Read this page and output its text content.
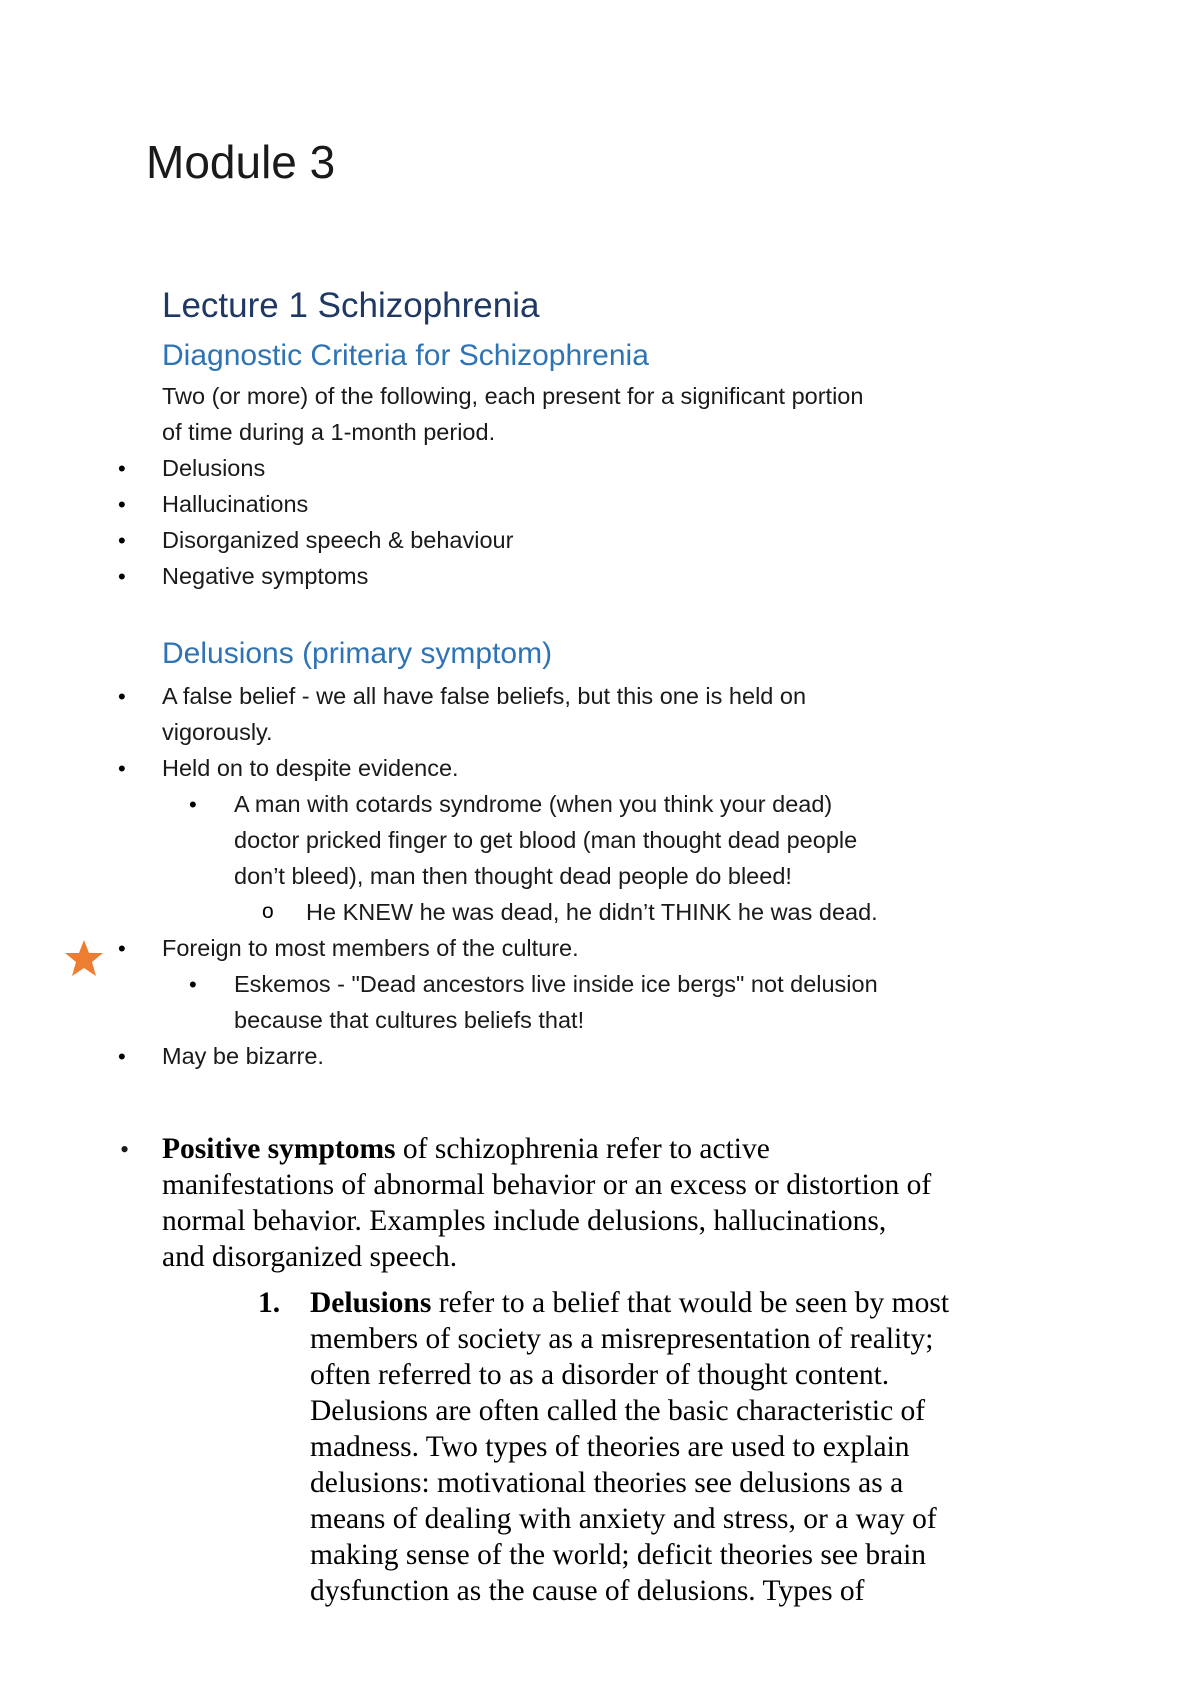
Module 3
Lecture 1 Schizophrenia
Diagnostic Criteria for Schizophrenia
Two (or more) of the following, each present for a significant portion
of time during a 1-month period.
• Delusions
• Hallucinations
• Disorganized speech & behaviour
• Negative symptoms
Delusions (primary symptom)
• A false belief - we all have false beliefs, but this one is held on
vigorously.
• Held on to despite evidence.
• A man with cotards syndrome (when you think your dead)
doctor pricked finger to get blood (man thought dead people
don’t bleed), man then thought dead people do bleed!
o He KNEW he was dead, he didn’t THINK he was dead.
• Foreign to most members of the culture.
• Eskemos - "Dead ancestors live inside ice bergs" not delusion
because that cultures beliefs that!
• May be bizarre.
• Positive symptoms of schizophrenia refer to active
manifestations of abnormal behavior or an excess or distortion of
normal behavior. Examples include delusions, hallucinations,
and disorganized speech.
1. Delusions refer to a belief that would be seen by most
members of society as a misrepresentation of reality;
often referred to as a disorder of thought content.
Delusions are often called the basic characteristic of
madness. Two types of theories are used to explain
delusions: motivational theories see delusions as a
means of dealing with anxiety and stress, or a way of
making sense of the world; deficit theories see brain
dysfunction as the cause of delusions. Types of
